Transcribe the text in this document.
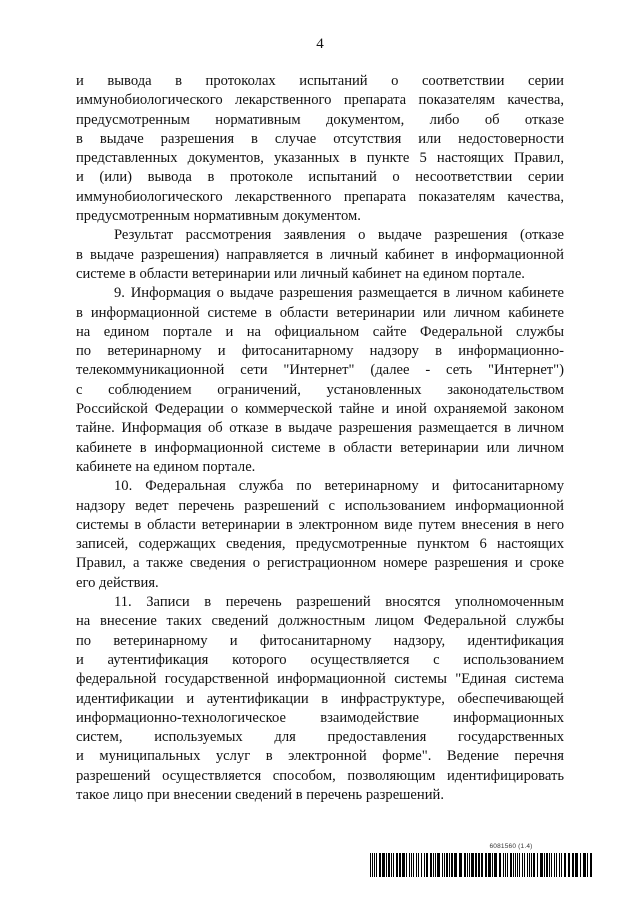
4
и вывода в протоколах испытаний о соответствии серии
иммунобиологического лекарственного препарата показателям качества,
предусмотренным нормативным документом, либо об отказе
в выдаче разрешения в случае отсутствия или недостоверности
представленных документов, указанных в пункте 5 настоящих Правил,
и (или) вывода в протоколе испытаний о несоответствии серии
иммунобиологического лекарственного препарата показателям качества,
предусмотренным нормативным документом.
Результат рассмотрения заявления о выдаче разрешения (отказе
в выдаче разрешения) направляется в личный кабинет в информационной
системе в области ветеринарии или личный кабинет на едином портале.
9. Информация о выдаче разрешения размещается в личном кабинете
в информационной системе в области ветеринарии или личном кабинете
на едином портале и на официальном сайте Федеральной службы
по ветеринарному и фитосанитарному надзору в информационно-
телекоммуникационной сети "Интернет" (далее - сеть "Интернет")
с соблюдением ограничений, установленных законодательством
Российской Федерации о коммерческой тайне и иной охраняемой законом
тайне. Информация об отказе в выдаче разрешения размещается в личном
кабинете в информационной системе в области ветеринарии или личном
кабинете на едином портале.
10. Федеральная служба по ветеринарному и фитосанитарному
надзору ведет перечень разрешений с использованием информационной
системы в области ветеринарии в электронном виде путем внесения в него
записей, содержащих сведения, предусмотренные пунктом 6 настоящих
Правил, а также сведения о регистрационном номере разрешения и сроке
его действия.
11. Записи в перечень разрешений вносятся уполномоченным
на внесение таких сведений должностным лицом Федеральной службы
по ветеринарному и фитосанитарному надзору, идентификация
и аутентификация которого осуществляется с использованием
федеральной государственной информационной системы "Единая система
идентификации и аутентификации в инфраструктуре, обеспечивающей
информационно-технологическое взаимодействие информационных
систем, используемых для предоставления государственных
и муниципальных услуг в электронной форме". Ведение перечня
разрешений осуществляется способом, позволяющим идентифицировать
такое лицо при внесении сведений в перечень разрешений.
6081560 (1.4)
